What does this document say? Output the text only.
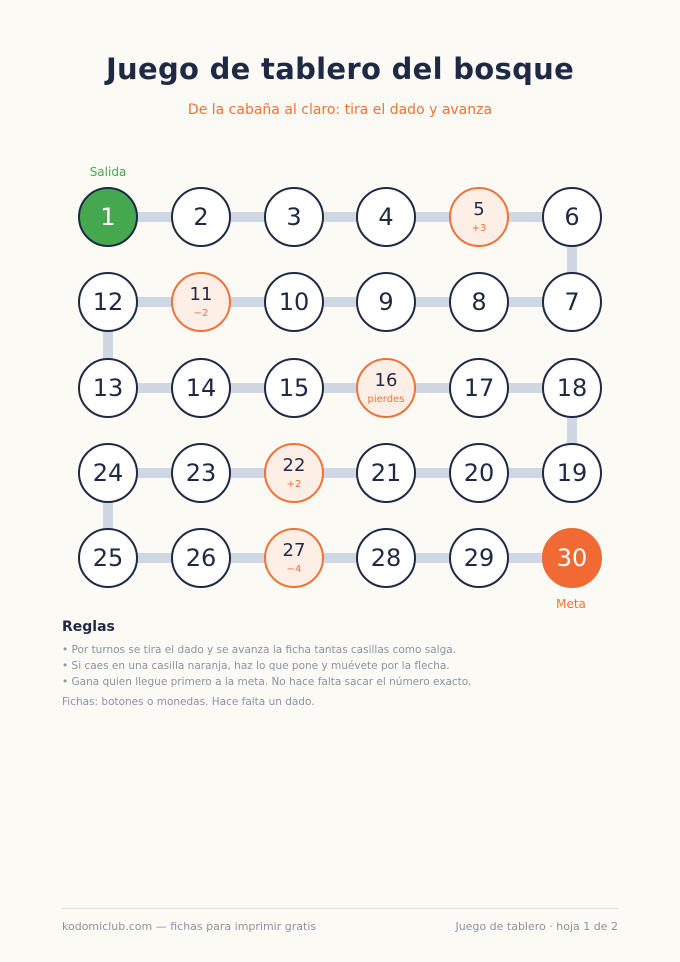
Juego de tablero del bosque
De la cabaña al claro: tira el dado y avanza
1	2	3	4	5
+3	6
12	11
−2	10	9	8	7
13	14	15	16
pierdes 17	18
24	23	22
+2	21	20	19
25	26	27
−4	28	29	30
Salida
Meta
Reglas
• Por turnos se tira el dado y se avanza la ficha tantas casillas como salga.
• Si caes en una casilla naranja, haz lo que pone y muévete por la flecha.
• Gana quien llegue primero a la meta. No hace falta sacar el número exacto.
Fichas: botones o monedas. Hace falta un dado.
kodomiclub.com — fichas para imprimir gratis	Juego de tablero · hoja 1 de 2
